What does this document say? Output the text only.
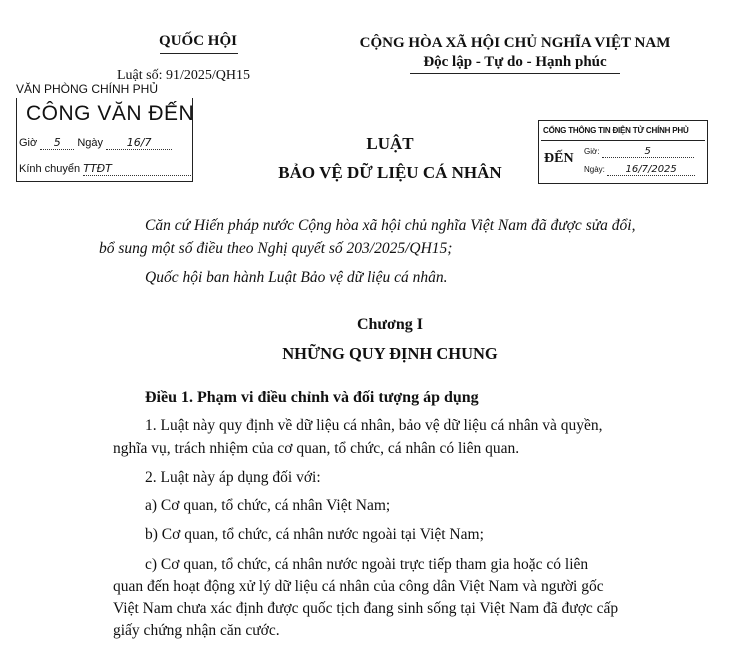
QUỐC HỘI	CỘNG HÒA XÃ HỘI CHỦ NGHĨA VIỆT NAM
Độc lập - Tự do - Hạnh phúc
Luật số: 91/2025/QH15
VĂN PHÒNG CHÍNH PHỦ
CÔNG VĂN ĐẾN
Giờ 5 Ngày 16/7
Kính chuyển TTĐT
CỔNG THÔNG TIN ĐIỆN TỬ CHÍNH PHỦ
ĐẾN Giờ:	5
Ngày: 16/7/2025
LUẬT
BẢO VỆ DỮ LIỆU CÁ NHÂN
Căn cứ Hiến pháp nước Cộng hòa xã hội chủ nghĩa Việt Nam đã được sửa đổi,
bổ sung một số điều theo Nghị quyết số 203/2025/QH15;
Quốc hội ban hành Luật Bảo vệ dữ liệu cá nhân.
Chương I
NHỮNG QUY ĐỊNH CHUNG
Điều 1. Phạm vi điều chỉnh và đối tượng áp dụng
1. Luật này quy định về dữ liệu cá nhân, bảo vệ dữ liệu cá nhân và quyền,
nghĩa vụ, trách nhiệm của cơ quan, tổ chức, cá nhân có liên quan.
2. Luật này áp dụng đối với:
a) Cơ quan, tổ chức, cá nhân Việt Nam;
b) Cơ quan, tổ chức, cá nhân nước ngoài tại Việt Nam;
c) Cơ quan, tổ chức, cá nhân nước ngoài trực tiếp tham gia hoặc có liên
quan đến hoạt động xử lý dữ liệu cá nhân của công dân Việt Nam và người gốc
Việt Nam chưa xác định được quốc tịch đang sinh sống tại Việt Nam đã được cấp
giấy chứng nhận căn cước.
